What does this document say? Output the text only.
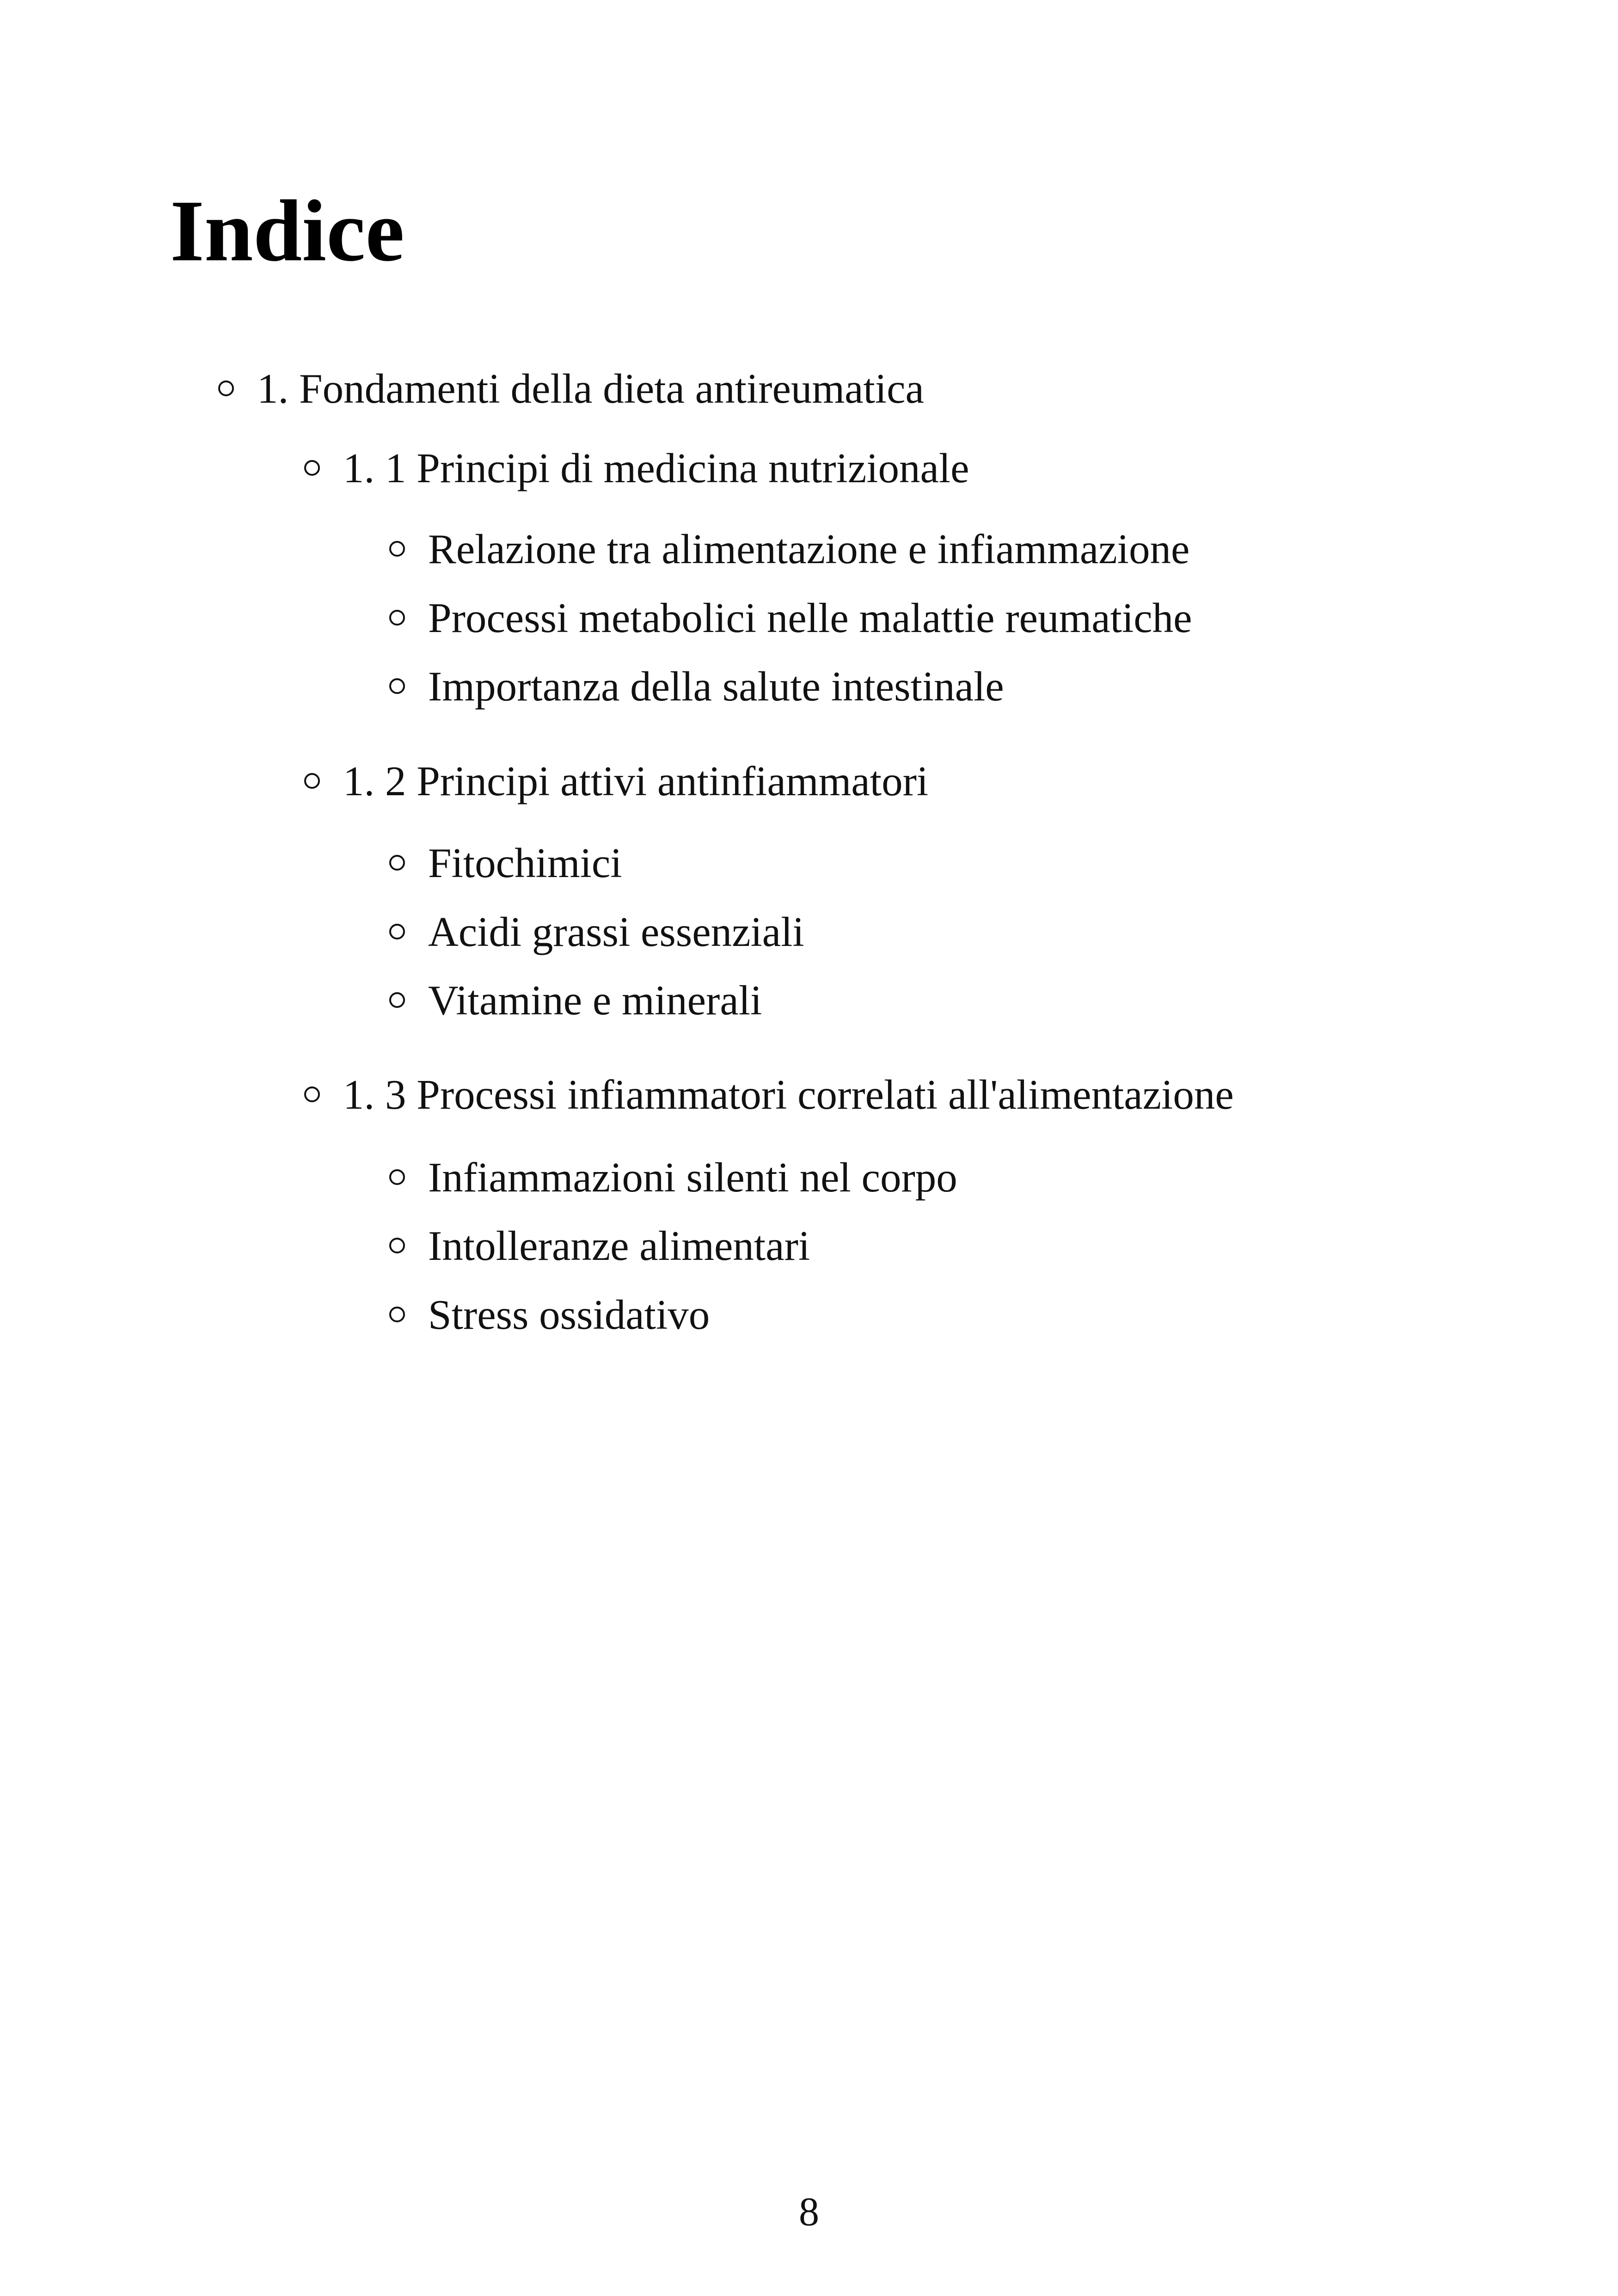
Indice
1. Fondamenti della dieta antireumatica
1. 1 Principi di medicina nutrizionale
Relazione tra alimentazione e infiammazione
Processi metabolici nelle malattie reumatiche
Importanza della salute intestinale
1. 2 Principi attivi antinfiammatori
Fitochimici
Acidi grassi essenziali
Vitamine e minerali
1. 3 Processi infiammatori correlati all'alimentazione
Infiammazioni silenti nel corpo
Intolleranze alimentari
Stress ossidativo
8
